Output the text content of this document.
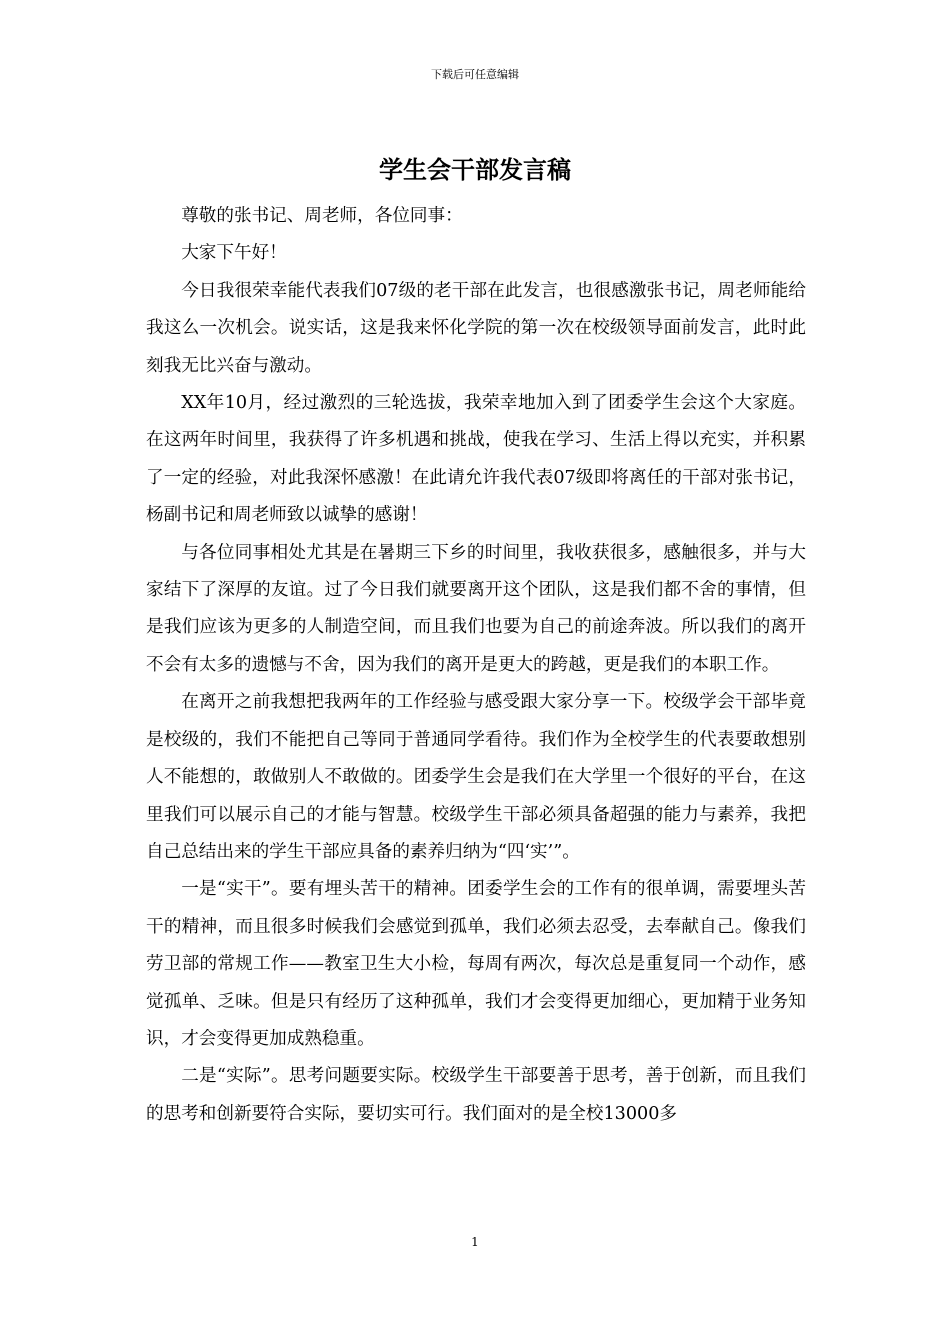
下载后可任意编辑
学生会干部发言稿

尊敬的张书记、周老师，各位同事：

大家下午好！

今日我很荣幸能代表我们07级的老干部在此发言，也很感激张书记，周老师能给我这么一次机会。说实话，这是我来怀化学院的第一次在校级领导面前发言，此时此刻我无比兴奋与激动。

XX年10月，经过激烈的三轮选拔，我荣幸地加入到了团委学生会这个大家庭。在这两年时间里，我获得了许多机遇和挑战，使我在学习、生活上得以充实，并积累了一定的经验，对此我深怀感激！在此请允许我代表07级即将离任的干部对张书记，杨副书记和周老师致以诚挚的感谢！

与各位同事相处尤其是在暑期三下乡的时间里，我收获很多，感触很多，并与大家结下了深厚的友谊。过了今日我们就要离开这个团队，这是我们都不舍的事情，但是我们应该为更多的人制造空间，而且我们也要为自己的前途奔波。所以我们的离开不会有太多的遗憾与不舍，因为我们的离开是更大的跨越，更是我们的本职工作。

在离开之前我想把我两年的工作经验与感受跟大家分享一下。校级学会干部毕竟是校级的，我们不能把自己等同于普通同学看待。我们作为全校学生的代表要敢想别人不能想的，敢做别人不敢做的。团委学生会是我们在大学里一个很好的平台，在这里我们可以展示自己的才能与智慧。校级学生干部必须具备超强的能力与素养，我把自己总结出来的学生干部应具备的素养归纳为“四‘实’”。

一是“实干”。要有埋头苦干的精神。团委学生会的工作有的很单调，需要埋头苦干的精神，而且很多时候我们会感觉到孤单，我们必须去忍受，去奉献自己。像我们劳卫部的常规工作——教室卫生大小检，每周有两次，每次总是重复同一个动作，感觉孤单、乏味。但是只有经历了这种孤单，我们才会变得更加细心，更加精于业务知识，才会变得更加成熟稳重。

二是“实际”。思考问题要实际。校级学生干部要善于思考，善于创新，而且我们的思考和创新要符合实际，要切实可行。我们面对的是全校13000多

1
